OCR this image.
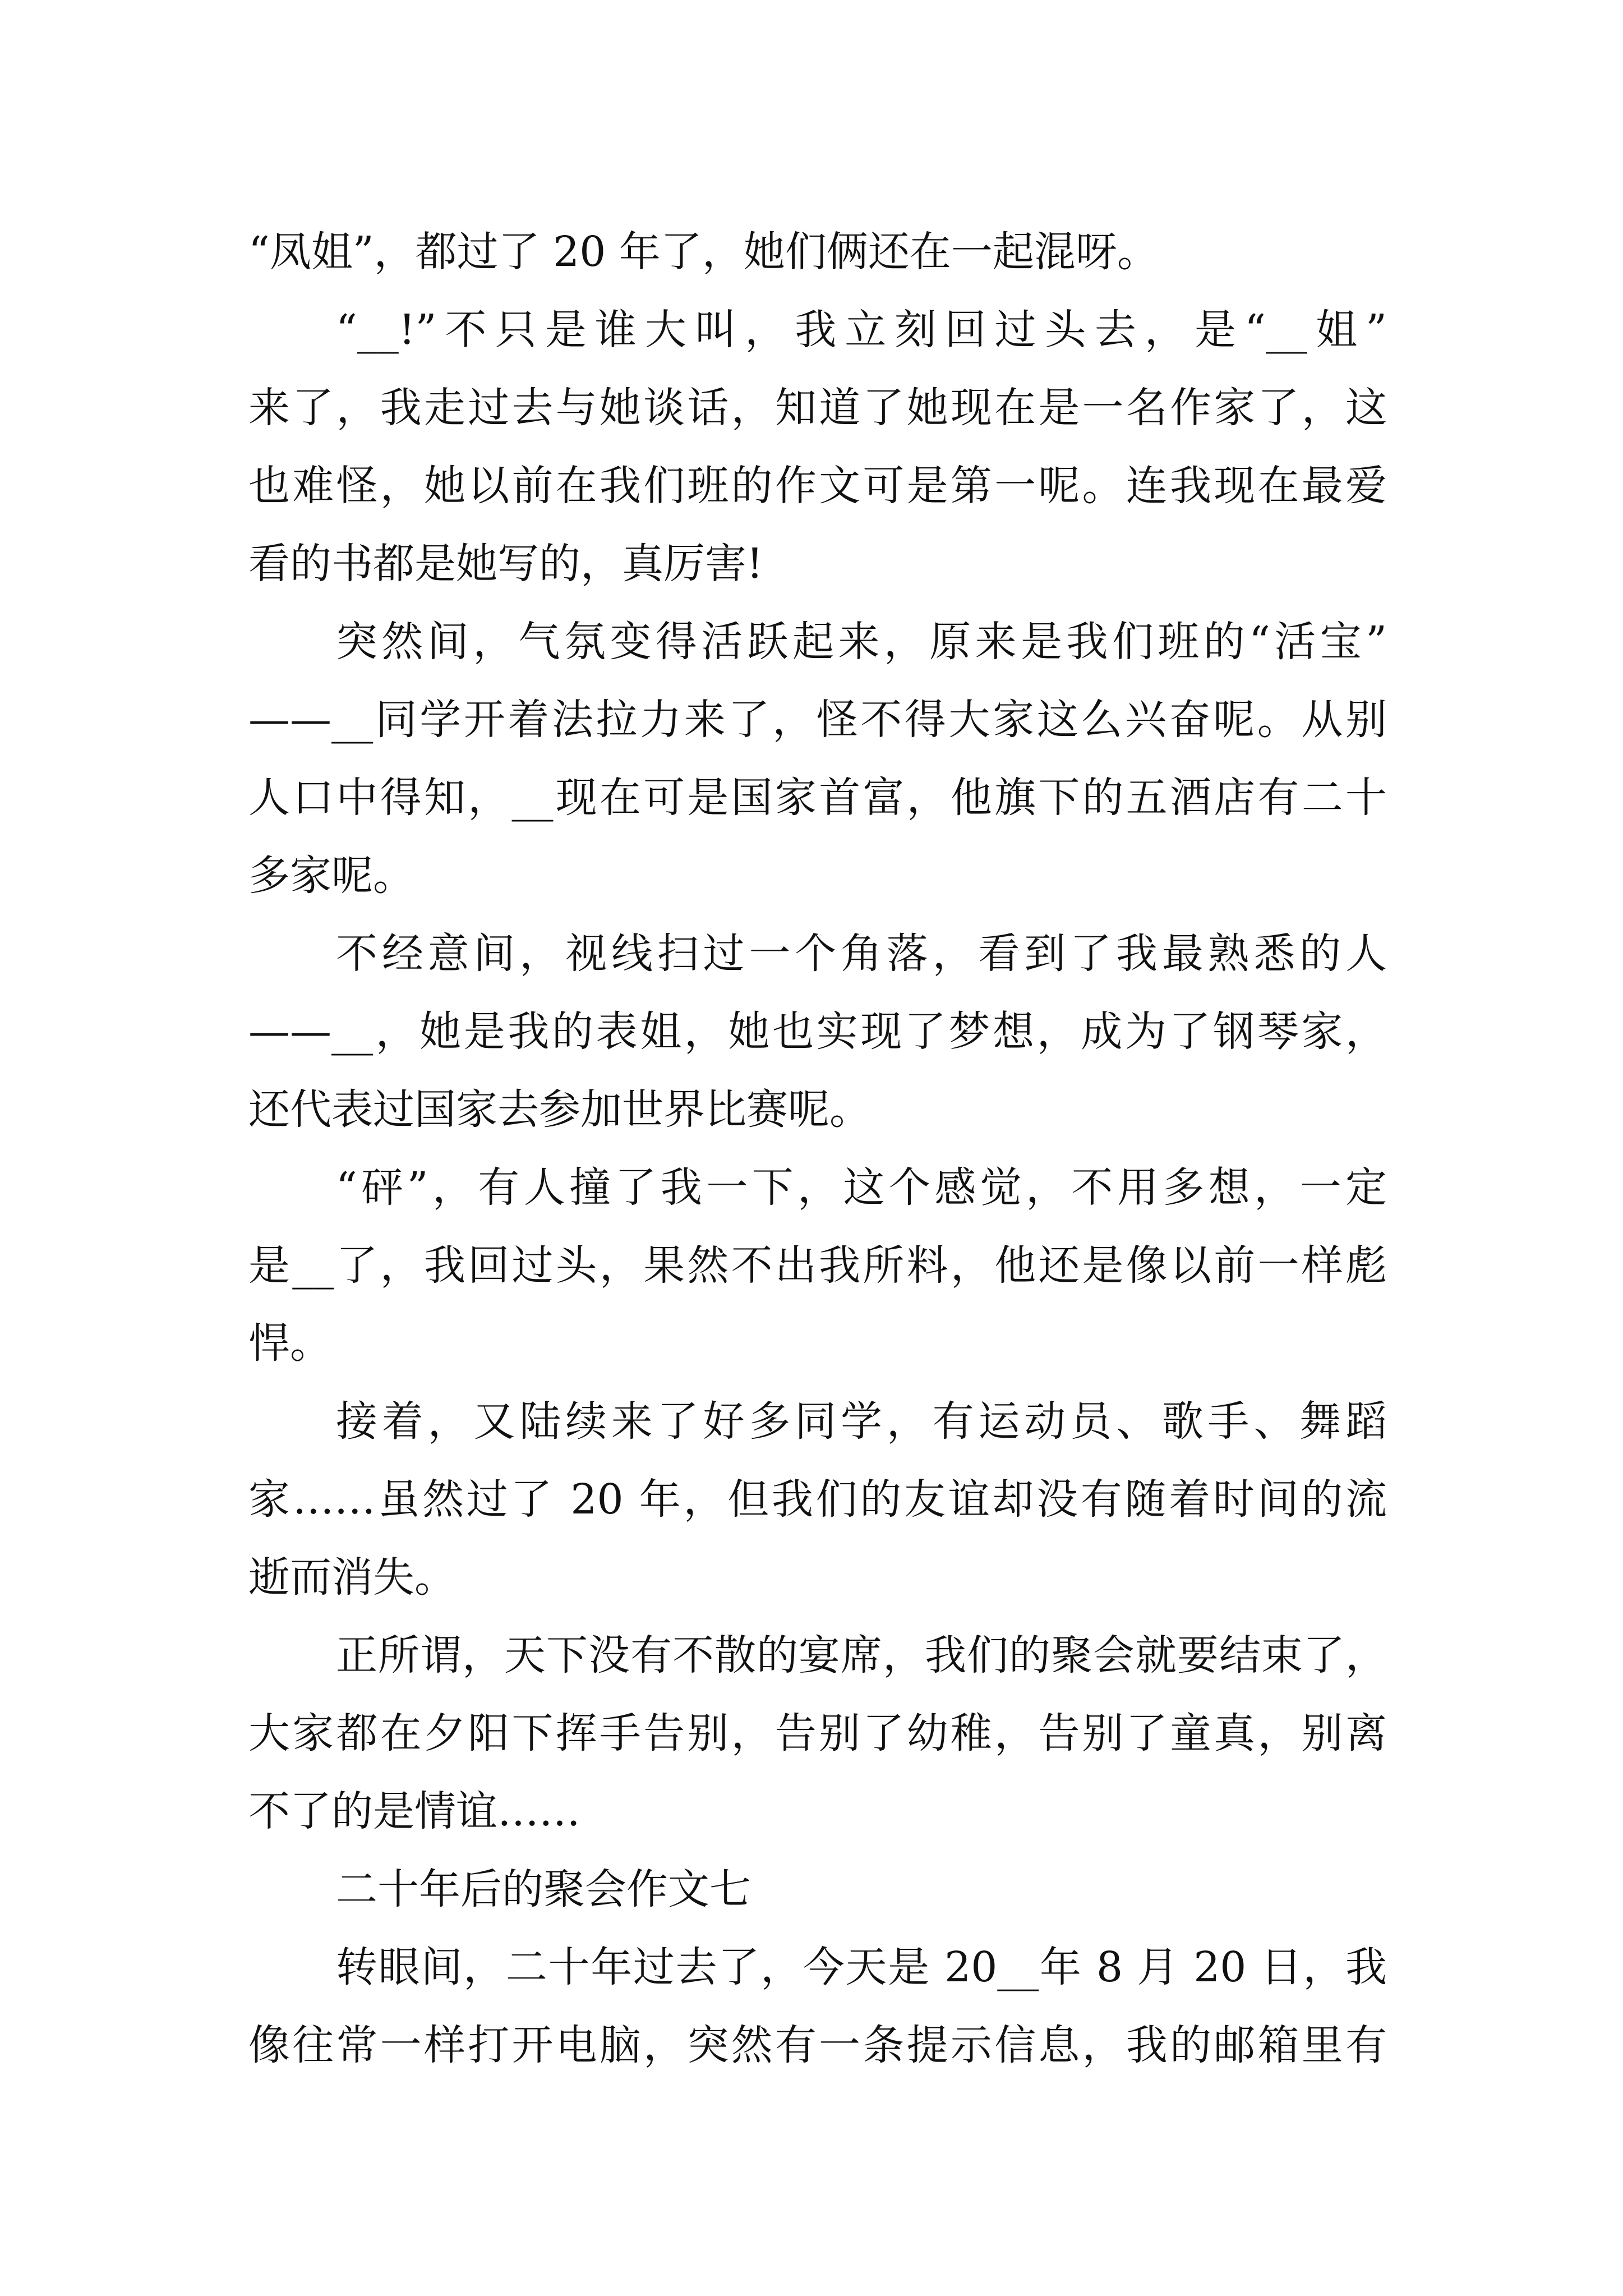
“凤姐”，都过了 20 年了，她们俩还在一起混呀。
“__!”不只是谁大叫，我立刻回过头去，是“__姐”
来了，我走过去与她谈话，知道了她现在是一名作家了，这
也难怪，她以前在我们班的作文可是第一呢。连我现在最爱
看的书都是她写的，真厉害!
突然间，气氛变得活跃起来，原来是我们班的“活宝”
——__同学开着法拉力来了，怪不得大家这么兴奋呢。从别
人口中得知，__现在可是国家首富，他旗下的五酒店有二十
多家呢。
不经意间，视线扫过一个角落，看到了我最熟悉的人
——__，她是我的表姐，她也实现了梦想，成为了钢琴家，
还代表过国家去参加世界比赛呢。
“砰”，有人撞了我一下，这个感觉，不用多想，一定
是__了，我回过头，果然不出我所料，他还是像以前一样彪
悍。
接着，又陆续来了好多同学，有运动员、歌手、舞蹈
家……虽然过了 20 年，但我们的友谊却没有随着时间的流
逝而消失。
正所谓，天下没有不散的宴席，我们的聚会就要结束了，
大家都在夕阳下挥手告别，告别了幼稚，告别了童真，别离
不了的是情谊……
二十年后的聚会作文七
转眼间，二十年过去了，今天是 20__年 8 月 20 日，我
像往常一样打开电脑，突然有一条提示信息，我的邮箱里有
